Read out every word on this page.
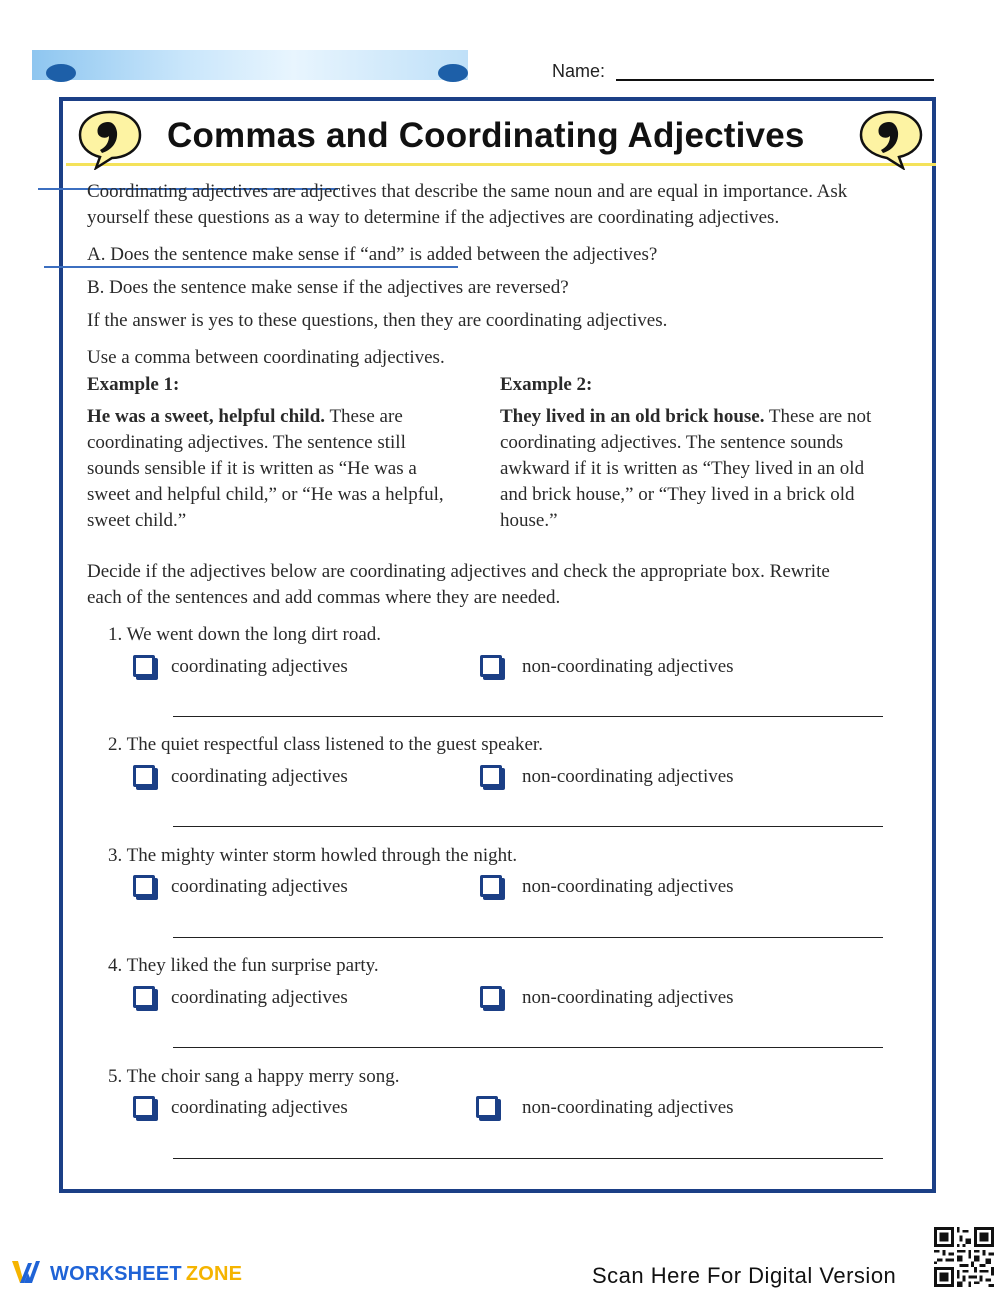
Name:
Commas and Coordinating Adjectives

Coordinating adjectives are adjectives that describe the same noun and are equal in importance. Ask

yourself these questions as a way to determine if the adjectives are coordinating adjectives.

A. Does the sentence make sense if “and” is added between the adjectives?

B. Does the sentence make sense if the adjectives are reversed?

If the answer is yes to these questions, then they are coordinating adjectives.

Use a comma between coordinating adjectives.

Example 1:

He was a sweet, helpful child. These are
coordinating adjectives. The sentence still
sounds sensible if it is written as “He was a
sweet and helpful child,” or “He was a helpful,
sweet child.”

Example 2:

They lived in an old brick house. These are not
coordinating adjectives. The sentence sounds
awkward if it is written as “They lived in an old
and brick house,” or “They lived in a brick old
house.”

Decide if the adjectives below are coordinating adjectives and check the appropriate box. Rewrite

each of the sentences and add commas where they are needed.

1. We went down the long dirt road.

coordinating adjectives	non-coordinating adjectives

2. The quiet respectful class listened to the guest speaker.

coordinating adjectives	non-coordinating adjectives

3. The mighty winter storm howled through the night.

coordinating adjectives	non-coordinating adjectives

4. They liked the fun surprise party.

coordinating adjectives	non-coordinating adjectives

5. The choir sang a happy merry song.

coordinating adjectives	non-coordinating adjectives

WORKSHEET ZONE	Scan Here For Digital Version
